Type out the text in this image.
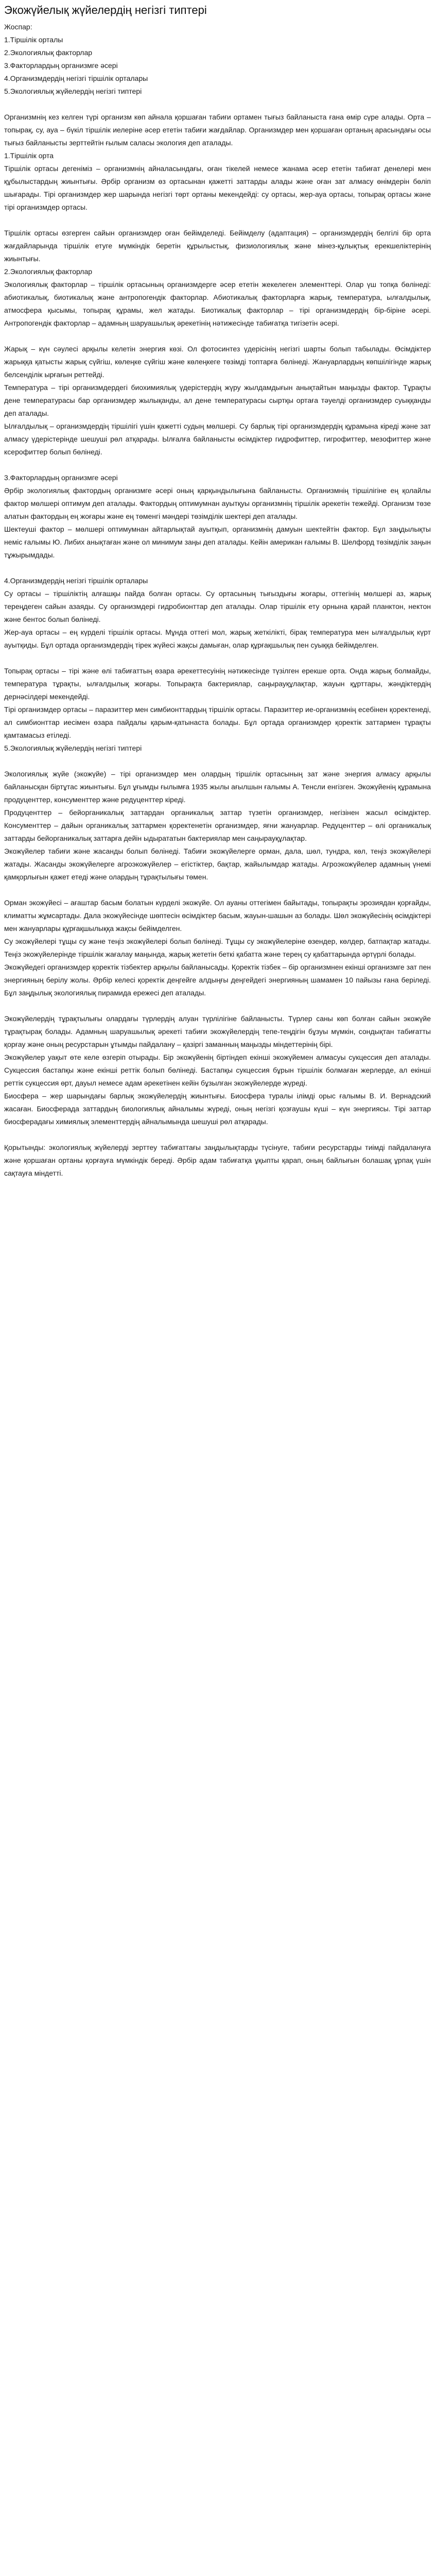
Экожүйелық жүйелердің негізгі типтері

Жоспар:

1.Тіршілік орталы

2.Экологиялық факторлар

3.Факторлардың организмге әсері

4.Организмдердің негізгі тіршілік орталары

5.Экологиялық жүйелердің негізгі типтері

Организмнің кез келген түрі организм көп айнала қоршаған табиғи ортамен тығыз байланыста ғана өмір сүре алады. Орта – топырақ, су, ауа – бүкіл тіршілік иелеріне әсер ететін табиғи жағдайлар. Организмдер мен қоршаған ортаның арасындағы осы тығыз байланысты зерттейтін ғылым саласы экология деп аталады.

1.Тіршілік орта

Тіршілік ортасы дегеніміз – организмнің айналасындағы, оған тікелей немесе жанама әсер ететін табиғат денелері мен құбылыстардың жиынтығы. Әрбір организм өз ортасынан қажетті заттарды алады және оған зат алмасу өнімдерін бөліп шығарады. Тірі организмдер жер шарында негізгі төрт ортаны мекендейді: су ортасы, жер-ауа ортасы, топырақ ортасы және тірі организмдер ортасы.

Тіршілік ортасы өзгерген сайын организмдер оған бейімделеді. Бейімделу (адаптация) – организмдердің белгілі бір орта жағдайларында тіршілік етуге мүмкіндік беретін құрылыстық, физиологиялық және мінез-құлықтық ерекшеліктерінің жиынтығы.

2.Экологиялық факторлар

Экологиялық факторлар – тіршілік ортасының организмдерге әсер ететін жекелеген элементтері. Олар үш топқа бөлінеді: абиотикалық, биотикалық және антропогендік факторлар. Абиотикалық факторларға жарық, температура, ылғалдылық, атмосфера қысымы, топырақ құрамы, жел жатады. Биотикалық факторлар – тірі организмдердің бір-біріне әсері. Антропогендік факторлар – адамның шаруашылық әрекетінің нәтижесінде табиғатқа тигізетін әсері.

Жарық – күн сәулесі арқылы келетін энергия көзі. Ол фотосинтез үдерісінің негізгі шарты болып табылады. Өсімдіктер жарыққа қатысты жарық сүйгіш, көлеңке сүйгіш және көлеңкеге төзімді топтарға бөлінеді. Жануарлардың көпшілігінде жарық белсенділік ырғағын реттейді.

Температура – тірі организмдердегі биохимиялық үдерістердің жүру жылдамдығын анықтайтын маңызды фактор. Тұрақты дене температурасы бар организмдер жылықанды, ал дене температурасы сыртқы ортаға тәуелді организмдер суыққанды деп аталады.

Ылғалдылық – организмдердің тіршілігі үшін қажетті судың мөлшері. Су барлық тірі организмдердің құрамына кіреді және зат алмасу үдерістерінде шешуші рөл атқарады. Ылғалға байланысты өсімдіктер гидрофиттер, гигрофиттер, мезофиттер және ксерофиттер болып бөлінеді.

3.Факторлардың организмге әсері

Әрбір экологиялық фактордың организмге әсері оның қарқындылығына байланысты. Организмнің тіршілігіне ең қолайлы фактор мөлшері оптимум деп аталады. Фактордың оптимумнан ауытқуы организмнің тіршілік әрекетін тежейді. Организм төзе алатын фактордың ең жоғары және ең төменгі мәндері төзімділік шектері деп аталады.

Шектеуші фактор – мөлшері оптимумнан айтарлықтай ауытқып, организмнің дамуын шектейтін фактор. Бұл заңдылықты неміс ғалымы Ю. Либих анықтаған және ол минимум заңы деп аталады. Кейін американ ғалымы В. Шелфорд төзімділік заңын тұжырымдады.

4.Организмдердің негізгі тіршілік орталары

Су ортасы – тіршіліктің алғашқы пайда болған ортасы. Су ортасының тығыздығы жоғары, оттегінің мөлшері аз, жарық тереңдеген сайын азаяды. Су организмдері гидробионттар деп аталады. Олар тіршілік ету орнына қарай планктон, нектон және бентос болып бөлінеді.

Жер-ауа ортасы – ең күрделі тіршілік ортасы. Мұнда оттегі мол, жарық жеткілікті, бірақ температура мен ылғалдылық күрт ауытқиды. Бұл ортада организмдердің тірек жүйесі жақсы дамыған, олар құрғақшылық пен суыққа бейімделген.

Топырақ ортасы – тірі және өлі табиғаттың өзара әрекеттесуінің нәтижесінде түзілген ерекше орта. Онда жарық болмайды, температура тұрақты, ылғалдылық жоғары. Топырақта бактериялар, саңырауқұлақтар, жауын құрттары, жәндіктердің дернәсілдері мекендейді.

Тірі организмдер ортасы – паразиттер мен симбионттардың тіршілік ортасы. Паразиттер ие-организмнің есебінен қоректенеді, ал симбионттар иесімен өзара пайдалы қарым-қатынаста болады. Бұл ортада организмдер қоректік заттармен тұрақты қамтамасыз етіледі.

5.Экологиялық жүйелердің негізгі типтері

Экологиялық жүйе (экожүйе) – тірі организмдер мен олардың тіршілік ортасының зат және энергия алмасу арқылы байланысқан біртұтас жиынтығы. Бұл ұғымды ғылымға 1935 жылы ағылшын ғалымы А. Тенсли енгізген. Экожүйенің құрамына продуценттер, консументтер және редуценттер кіреді.

Продуценттер – бейорганикалық заттардан органикалық заттар түзетін организмдер, негізінен жасыл өсімдіктер. Консументтер – дайын органикалық заттармен қоректенетін организмдер, яғни жануарлар. Редуценттер – өлі органикалық заттарды бейорганикалық заттарға дейін ыдырататын бактериялар мен саңырауқұлақтар.

Экожүйелер табиғи және жасанды болып бөлінеді. Табиғи экожүйелерге орман, дала, шөл, тундра, көл, теңіз экожүйелері жатады. Жасанды экожүйелерге агроэкожүйелер – егістіктер, бақтар, жайылымдар жатады. Агроэкожүйелер адамның үнемі қамқорлығын қажет етеді және олардың тұрақтылығы төмен.

Орман экожүйесі – ағаштар басым болатын күрделі экожүйе. Ол ауаны оттегімен байытады, топырақты эрозиядан қорғайды, климатты жұмсартады. Дала экожүйесінде шөптесін өсімдіктер басым, жауын-шашын аз болады. Шөл экожүйесінің өсімдіктері мен жануарлары құрғақшылыққа жақсы бейімделген.

Су экожүйелері тұщы су және теңіз экожүйелері болып бөлінеді. Тұщы су экожүйелеріне өзендер, көлдер, батпақтар жатады. Теңіз экожүйелерінде тіршілік жағалау маңында, жарық жететін беткі қабатта және терең су қабаттарында әртүрлі болады.

Экожүйедегі организмдер қоректік тізбектер арқылы байланысады. Қоректік тізбек – бір организмнен екінші организмге зат пен энергияның берілу жолы. Әрбір келесі қоректік деңгейге алдыңғы деңгейдегі энергияның шамамен 10 пайызы ғана беріледі. Бұл заңдылық экологиялық пирамида ережесі деп аталады.

Экожүйелердің тұрақтылығы олардағы түрлердің алуан түрлілігіне байланысты. Түрлер саны көп болған сайын экожүйе тұрақтырақ болады. Адамның шаруашылық әрекеті табиғи экожүйелердің тепе-теңдігін бұзуы мүмкін, сондықтан табиғатты қорғау және оның ресурстарын ұтымды пайдалану – қазіргі заманның маңызды міндеттерінің бірі.

Экожүйелер уақыт өте келе өзгеріп отырады. Бір экожүйенің біртіндеп екінші экожүйемен алмасуы сукцессия деп аталады. Сукцессия бастапқы және екінші реттік болып бөлінеді. Бастапқы сукцессия бұрын тіршілік болмаған жерлерде, ал екінші реттік сукцессия өрт, дауыл немесе адам әрекетінен кейін бұзылған экожүйелерде жүреді.

Биосфера – жер шарындағы барлық экожүйелердің жиынтығы. Биосфера туралы ілімді орыс ғалымы В. И. Вернадский жасаған. Биосферада заттардың биологиялық айналымы жүреді, оның негізгі қозғаушы күші – күн энергиясы. Тірі заттар биосферадағы химиялық элементтердің айналымында шешуші рөл атқарады.

Қорытынды: экологиялық жүйелерді зерттеу табиғаттағы заңдылықтарды түсінуге, табиғи ресурстарды тиімді пайдалануға және қоршаған ортаны қорғауға мүмкіндік береді. Әрбір адам табиғатқа ұқыпты қарап, оның байлығын болашақ ұрпақ үшін сақтауға міндетті.
